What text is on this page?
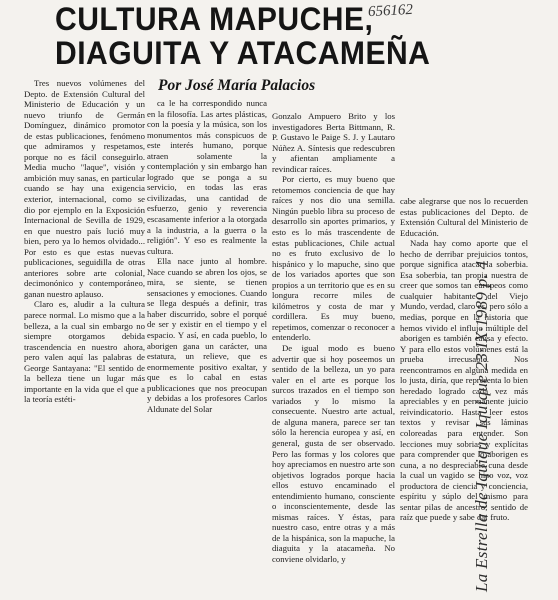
CULTURA MAPUCHE,
DIAGUITA Y ATACAMEÑA
656162
Por José María Palacios

Tres nuevos volúmenes del Depto. de Extensión Cultural del Ministerio de Educación y un nuevo triunfo de Germán Domínguez, dinámico promotor de estas publicaciones, fenómeno que admiramos y respetamos, porque no es fácil conseguirlo. Media mucho "laque", visión y ambición muy sanas, en particular cuando se hay una exigencia exterior, internacional, como se dio por ejemplo en la Exposición Internacional de Sevilla de 1929, en que nuestro país lució muy bien, pero ya lo hemos olvidado... Por esto es que estas nuevas publicaciones, seguidilla de otras anteriores sobre arte colonial, decimonónico y contemporáneo, ganan nuestro aplauso.

Claro es, aludir a la cultura parece normal. Lo mismo que a la belleza, a la cual sin embargo no siempre otorgamos debida trascendencia en nuestro ahora, pero valen aquí las palabras de George Santayana: "El sentido de la belleza tiene un lugar más importante en la vida que el que a la teoría estéti-

ca le ha correspondido nunca en la filosofía. Las artes plásticas, con la poesía y la música, son los monumentos más conspicuos de este interés humano, porque atraen solamente la contemplación y sin embargo han logrado que se ponga a su servicio, en todas las eras civilizadas, una cantidad de esfuerzo, genio y reverencia escasamente inferior a la otorgada a la industria, a la guerra o la religión". Y eso es realmente la cultura.

Ella nace junto al hombre. Nace cuando se abren los ojos, se mira, se siente, se tienen sensaciones y emociones. Cuando se llega después a definir, tras haber discurrido, sobre el porqué de ser y existir en el tiempo y el espacio. Y así, en cada pueblo, lo aborigen gana un carácter, una estatura, un relieve, que es enormemente positivo exaltar, y que es lo cabal en estas publicaciones que nos preocupan y debidas a los profesores Carlos Aldunate del Solar

Gonzalo Ampuero Brito y los investigadores Berta Bittmann, R. P. Gustavo le Paige S. J. y Lautaro Núñez A. Síntesis que redescubren y afientan ampliamente a revindicar raíces.

Por cierto, es muy bueno que retomemos conciencia de que hay raíces y nos dio una semilla. Ningún pueblo libra su proceso de desarrollo sin aportes primarios, y esto es lo más trascendente de estas publicaciones, Chile actual no es fruto exclusivo de lo hispánico y lo mapuche, sino que de los variados aportes que son propios a un territorio que es en su longura recorre miles de kilómetros y costa de mar y cordillera. Es muy bueno, repetimos, comenzar o reconocer a entenderlo.

De igual modo es bueno advertir que si hoy poseemos un sentido de la belleza, un yo para valer en el arte es porque los surcos trazados en el tiempo son variados y lo mismo la consecuente. Nuestro arte actual, de alguna manera, parece ser tan sólo la herencia europea y así, en general, gusta de ser observado. Pero las formas y los colores que hoy apreciamos en nuestro arte son objetivos logrados porque hacia ellos estuvo encaminado el entendimiento humano, consciente o inconscientemente, desde las mismas raíces. Y éstas, para nuestro caso, entre otras y a más de la hispánica, son la mapuche, la diaguita y la atacameña. No conviene olvidarlo, y

cabe alegrarse que nos lo recuerden estas publicaciones del Depto. de Extensión Cultural del Ministerio de Educación.

Nada hay como aporte que el hecho de derribar prejuicios tontos, porque significa atacar la soberbia. Esa soberbia, tan propia nuestra de creer que somos tan europeos como cualquier habitante del Viejo Mundo, verdad, claro es, pero sólo a medias, porque en la historia que hemos vivido el influjo múltiple del aborigen es también causa y efecto. Y para ello estos volúmenes está la prueba irrecusable. Nos reencontramos en alguna medida en lo justa, diría, que representa lo bien heredado logrado cada vez más apreciables y en permanente juicio reivindicatorio. Hasta leer estos textos y revisar sus láminas coloreadas para entender. Son lecciones muy sobrias y explícitas para comprender que lo aborigen es cuna, a no despreciable cuna desde la cual un vagido se hizo voz, voz productora de ciencia y conciencia, espíritu y súplo del mismo para sentar pilas de ancestro, sentido de raíz que puede y sabe dar fruto.

La Estrella de Iquique Iquique 23·IX·1989 p. 4
